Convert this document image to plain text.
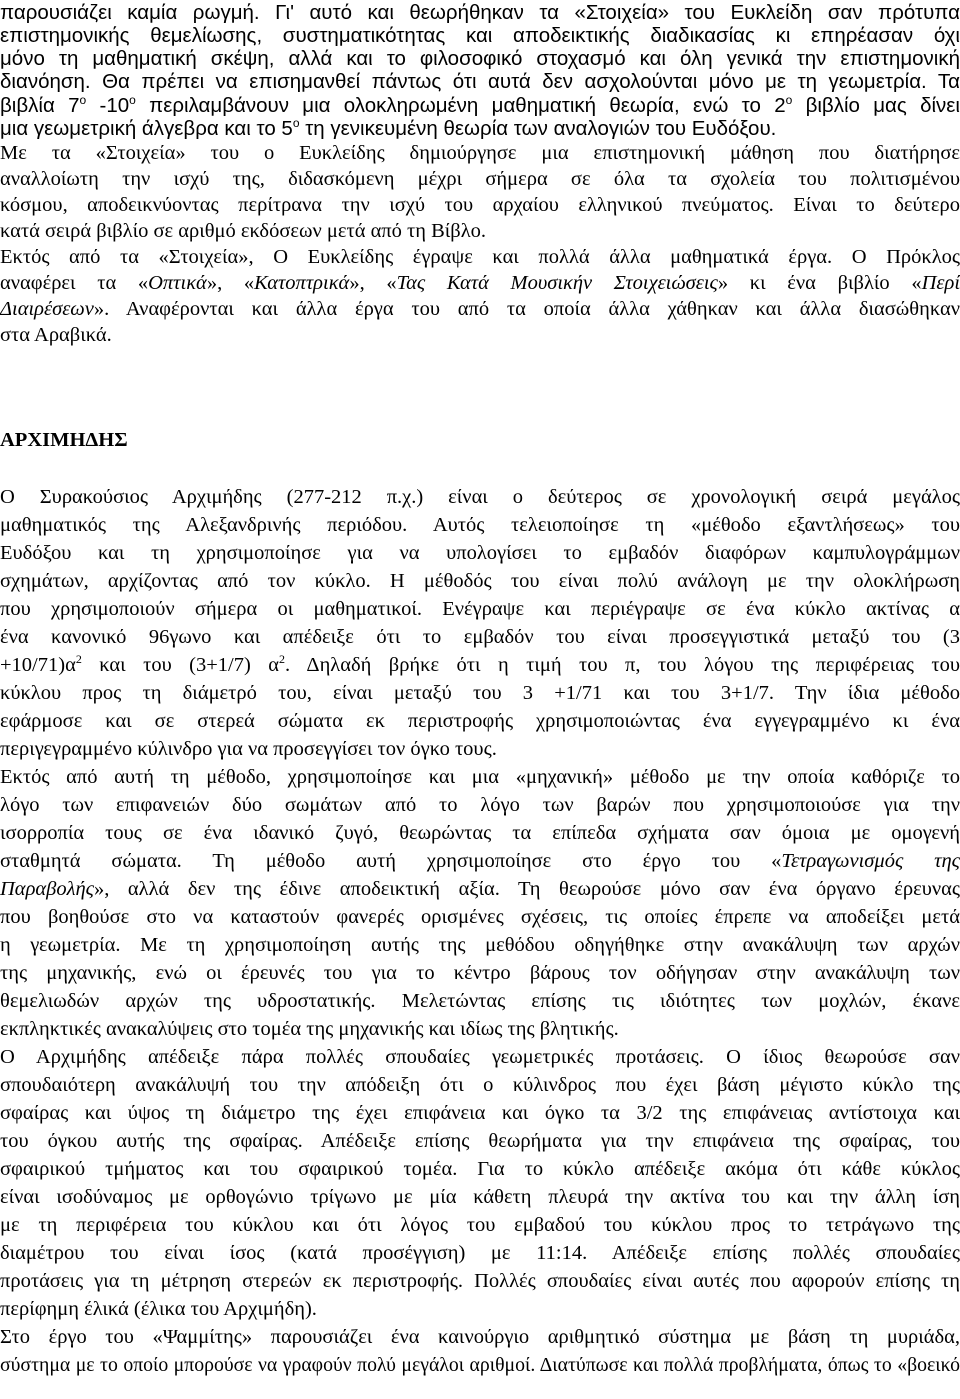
παρουσιάζει καμία ρωγμή. Γι' αυτό και θεωρήθηκαν τα «Στοιχεία» του Ευκλείδη σαν πρότυπα
επιστημονικής θεμελίωσης, συστηματικότητας και αποδεικτικής διαδικασίας κι επηρέασαν όχι
μόνο τη μαθηματική σκέψη, αλλά και το φιλοσοφικό στοχασμό και όλη γενικά την επιστημονική
διανόηση. Θα πρέπει να επισημανθεί πάντως ότι αυτά δεν ασχολούνται μόνο με τη γεωμετρία. Τα
βιβλία $7^o$ $-10^o$ περιλαμβάνουν μια ολοκληρωμένη μαθηματική θεωρία, ενώ το $2^o$ βιβλίο μας δίνει
μια γεωμετρική άλγεβρα και το $5^o$ τη γενικευμένη θεωρία των αναλογιών του Ευδόξου.
Με τα «Στοιχεία» του ο Ευκλείδης δημιούργησε μια επιστημονική μάθηση που διατήρησε
αναλλοίωτη την ισχύ της, διδασκόμενη μέχρι σήμερα σε όλα τα σχολεία του πολιτισμένου
κόσμου, αποδεικνύοντας περίτρανα την ισχύ του αρχαίου ελληνικού πνεύματος. Είναι το δεύτερο
κατά σειρά βιβλίο σε αριθμό εκδόσεων μετά από τη Βίβλο.
Εκτός από τα «Στοιχεία», Ο Ευκλείδης έγραψε και πολλά άλλα μαθηματικά έργα. Ο Πρόκλος
αναφέρει τα «Οπτικά», «Κατοπτρικά», «Τας Κατά Μουσικήν Στοιχειώσεις» κι ένα βιβλίο «Περί
Διαιρέσεων». Αναφέρονται και άλλα έργα του από τα οποία άλλα χάθηκαν και άλλα διασώθηκαν
στα Αραβικά.
ΑΡΧΙΜΗΔΗΣ
Ο Συρακούσιος Αρχιμήδης (277-212 π.χ.) είναι ο δεύτερος σε χρονολογική σειρά μεγάλος
μαθηματικός της Αλεξανδρινής περιόδου. Αυτός τελειοποίησε τη «μέθοδο εξαντλήσεως» του
Ευδόξου και τη χρησιμοποίησε για να υπολογίσει το εμβαδόν διαφόρων καμπυλογράμμων
σχημάτων, αρχίζοντας από τον κύκλο. Η μέθοδός του είναι πολύ ανάλογη με την ολοκλήρωση
που χρησιμοποιούν σήμερα οι μαθηματικοί. Ενέγραψε και περιέγραψε σε ένα κύκλο ακτίνας α
ένα κανονικό 96γωνο και απέδειξε ότι το εμβαδόν του είναι προσεγγιστικά μεταξύ του (3
$+10/71)\alpha^2$ και του (3+1/7) $\alpha^2$. Δηλαδή βρήκε ότι η τιμή του π, του λόγου της περιφέρειας του
κύκλου προς τη διάμετρό του, είναι μεταξύ του 3 +1/71 και του 3+1/7. Την ίδια μέθοδο
εφάρμοσε και σε στερεά σώματα εκ περιστροφής χρησιμοποιώντας ένα εγγεγραμμένο κι ένα
περιγεγραμμένο κύλινδρο για να προσεγγίσει τον όγκο τους.
Εκτός από αυτή τη μέθοδο, χρησιμοποίησε και μια «μηχανική» μέθοδο με την οποία καθόριζε το
λόγο των επιφανειών δύο σωμάτων από το λόγο των βαρών που χρησιμοποιούσε για την
ισορροπία τους σε ένα ιδανικό ζυγό, θεωρώντας τα επίπεδα σχήματα σαν όμοια με ομογενή
σταθμητά σώματα. Τη μέθοδο αυτή χρησιμοποίησε στο έργο του «Τετραγωνισμός της
Παραβολής», αλλά δεν της έδινε αποδεικτική αξία. Τη θεωρούσε μόνο σαν ένα όργανο έρευνας
που βοηθούσε στο να καταστούν φανερές ορισμένες σχέσεις, τις οποίες έπρεπε να αποδείξει μετά
η γεωμετρία. Με τη χρησιμοποίηση αυτής της μεθόδου οδηγήθηκε στην ανακάλυψη των αρχών
της μηχανικής, ενώ οι έρευνές του για το κέντρο βάρους τον οδήγησαν στην ανακάλυψη των
θεμελιωδών αρχών της υδροστατικής. Μελετώντας επίσης τις ιδιότητες των μοχλών, έκανε
εκπληκτικές ανακαλύψεις στο τομέα της μηχανικής και ιδίως της βλητικής.
Ο Αρχιμήδης απέδειξε πάρα πολλές σπουδαίες γεωμετρικές προτάσεις. Ο ίδιος θεωρούσε σαν
σπουδαιότερη ανακάλυψή του την απόδειξη ότι ο κύλινδρος που έχει βάση μέγιστο κύκλο της
σφαίρας και ύψος τη διάμετρο της έχει επιφάνεια και όγκο τα 3/2 της επιφάνειας αντίστοιχα και
του όγκου αυτής της σφαίρας. Απέδειξε επίσης θεωρήματα για την επιφάνεια της σφαίρας, του
σφαιρικού τμήματος και του σφαιρικού τομέα. Για το κύκλο απέδειξε ακόμα ότι κάθε κύκλος
είναι ισοδύναμος με ορθογώνιο τρίγωνο με μία κάθετη πλευρά την ακτίνα του και την άλλη ίση
με τη περιφέρεια του κύκλου και ότι λόγος του εμβαδού του κύκλου προς το τετράγωνο της
διαμέτρου του είναι ίσος (κατά προσέγγιση) με 11:14. Απέδειξε επίσης πολλές σπουδαίες
προτάσεις για τη μέτρηση στερεών εκ περιστροφής. Πολλές σπουδαίες είναι αυτές που αφορούν επίσης τη
περίφημη έλικά (έλικα του Αρχιμήδη).
Στο έργο του «Ψαμμίτης» παρουσιάζει ένα καινούργιο αριθμητικό σύστημα με βάση τη μυριάδα,
σύστημα με το οποίο μπορούσε να γραφούν πολύ μεγάλοι αριθμοί. Διατύπωσε και πολλά προβλήματα, όπως το «βοεικό
